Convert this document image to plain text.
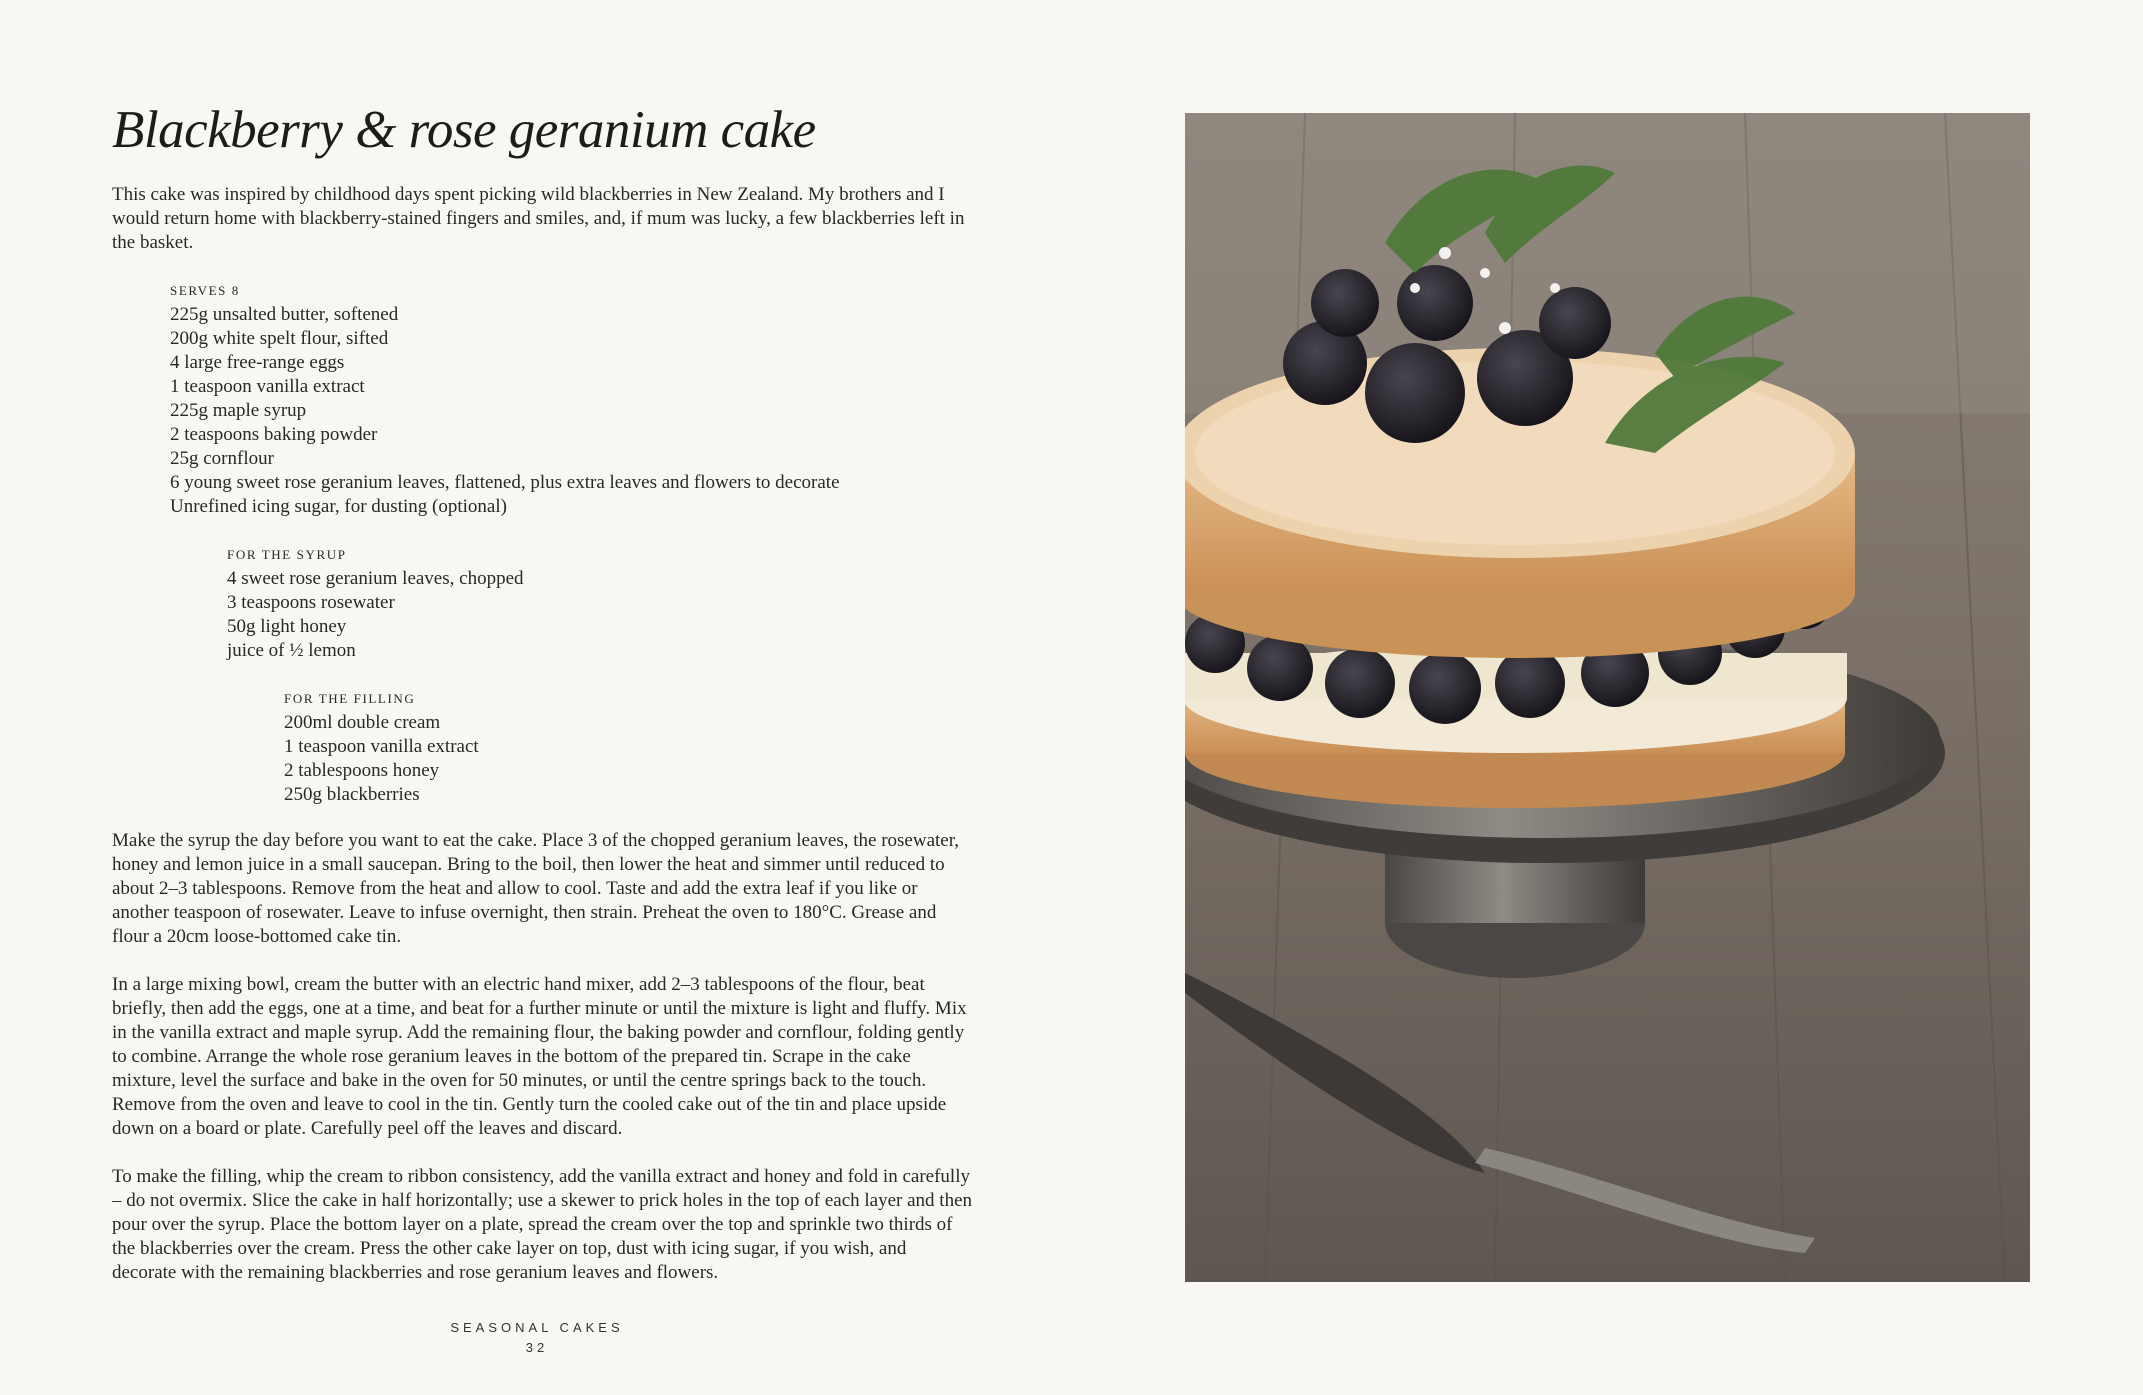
Blackberry & rose geranium cake

This cake was inspired by childhood days spent picking wild blackberries in New Zealand. My brothers and I would return home with blackberry-stained fingers and smiles, and, if mum was lucky, a few blackberries left in the basket.

SERVES 8
225g unsalted butter, softened
200g white spelt flour, sifted
4 large free-range eggs
1 teaspoon vanilla extract
225g maple syrup
2 teaspoons baking powder
25g cornflour
6 young sweet rose geranium leaves, flattened, plus extra leaves and flowers to decorate
Unrefined icing sugar, for dusting (optional)
FOR THE SYRUP
4 sweet rose geranium leaves, chopped
3 teaspoons rosewater
50g light honey
juice of ½ lemon
FOR THE FILLING
200ml double cream
1 teaspoon vanilla extract
2 tablespoons honey
250g blackberries

Make the syrup the day before you want to eat the cake. Place 3 of the chopped geranium leaves, the rosewater, honey and lemon juice in a small saucepan. Bring to the boil, then lower the heat and simmer until reduced to about 2–3 tablespoons. Remove from the heat and allow to cool. Taste and add the extra leaf if you like or another teaspoon of rosewater. Leave to infuse overnight, then strain. Preheat the oven to 180°C. Grease and flour a 20cm loose-bottomed cake tin.

In a large mixing bowl, cream the butter with an electric hand mixer, add 2–3 tablespoons of the flour, beat briefly, then add the eggs, one at a time, and beat for a further minute or until the mixture is light and fluffy. Mix in the vanilla extract and maple syrup. Add the remaining flour, the baking powder and cornflour, folding gently to combine. Arrange the whole rose geranium leaves in the bottom of the prepared tin. Scrape in the cake mixture, level the surface and bake in the oven for 50 minutes, or until the centre springs back to the touch. Remove from the oven and leave to cool in the tin. Gently turn the cooled cake out of the tin and place upside down on a board or plate. Carefully peel off the leaves and discard.

To make the filling, whip the cream to ribbon consistency, add the vanilla extract and honey and fold in carefully – do not overmix. Slice the cake in half horizontally; use a skewer to prick holes in the top of each layer and then pour over the syrup. Place the bottom layer on a plate, spread the cream over the top and sprinkle two thirds of the blackberries over the cream. Press the other cake layer on top, dust with icing sugar, if you wish, and decorate with the remaining blackberries and rose geranium leaves and flowers.

SEASONAL CAKES
32
